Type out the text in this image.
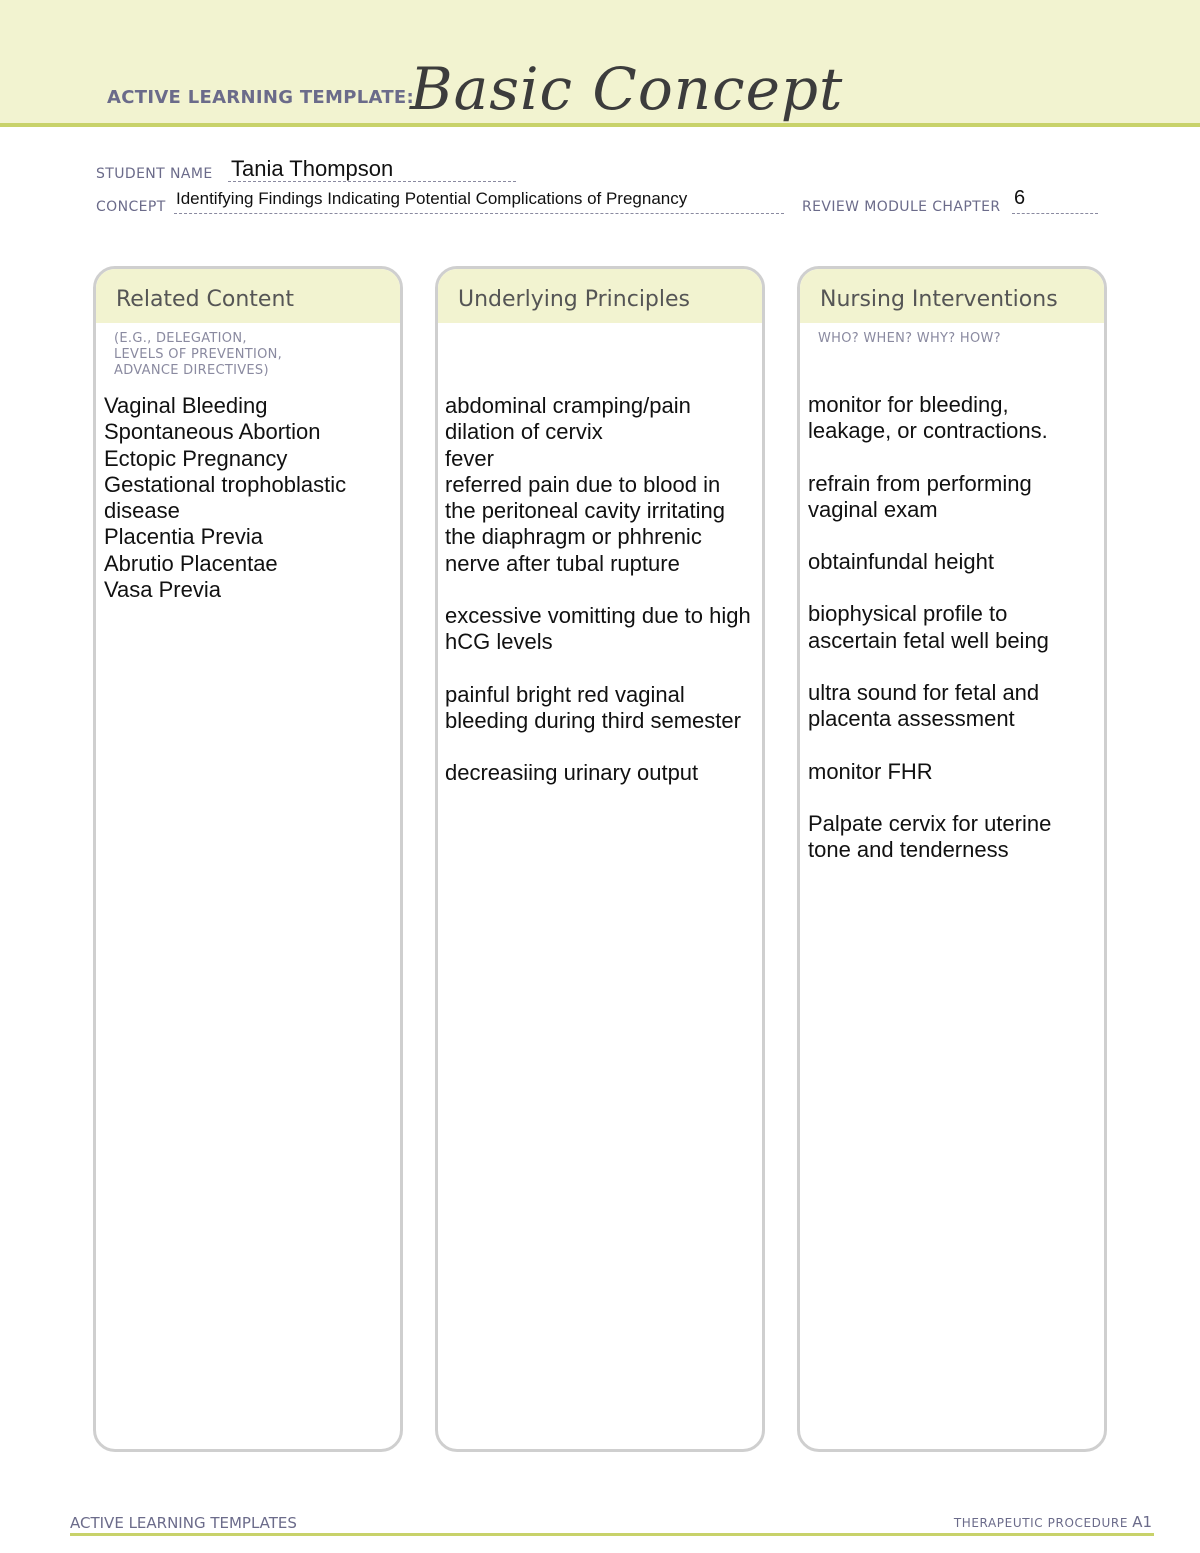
ACTIVE LEARNING TEMPLATE:
Basic Concept
STUDENT NAME Tania Thompson
CONCEPT Identifying Findings Indicating Potential Complications of Pregnancy	REVIEW MODULE CHAPTER 6
Related Content
(E.G., DELEGATION,
LEVELS OF PREVENTION,
ADVANCE DIRECTIVES)
Vaginal Bleeding
Spontaneous Abortion
Ectopic Pregnancy
Gestational trophoblastic disease
Placentia Previa
Abrutio Placentae
Vasa Previa
Underlying Principles
abdominal cramping/pain
dilation of cervix
fever
referred pain due to blood in the peritoneal cavity irritating the diaphragm or phhrenic nerve after tubal rupture
excessive vomitting due to high hCG levels
painful bright red vaginal bleeding during third semester
decreasiing urinary output
Nursing Interventions
WHO? WHEN? WHY? HOW?
monitor for bleeding, leakage, or contractions.
refrain from performing vaginal exam
obtainfundal height
biophysical profile to ascertain fetal well being
ultra sound for fetal and placenta assessment
monitor FHR
Palpate cervix for uterine tone and tenderness
ACTIVE LEARNING TEMPLATES	THERAPEUTIC PROCEDURE A1
